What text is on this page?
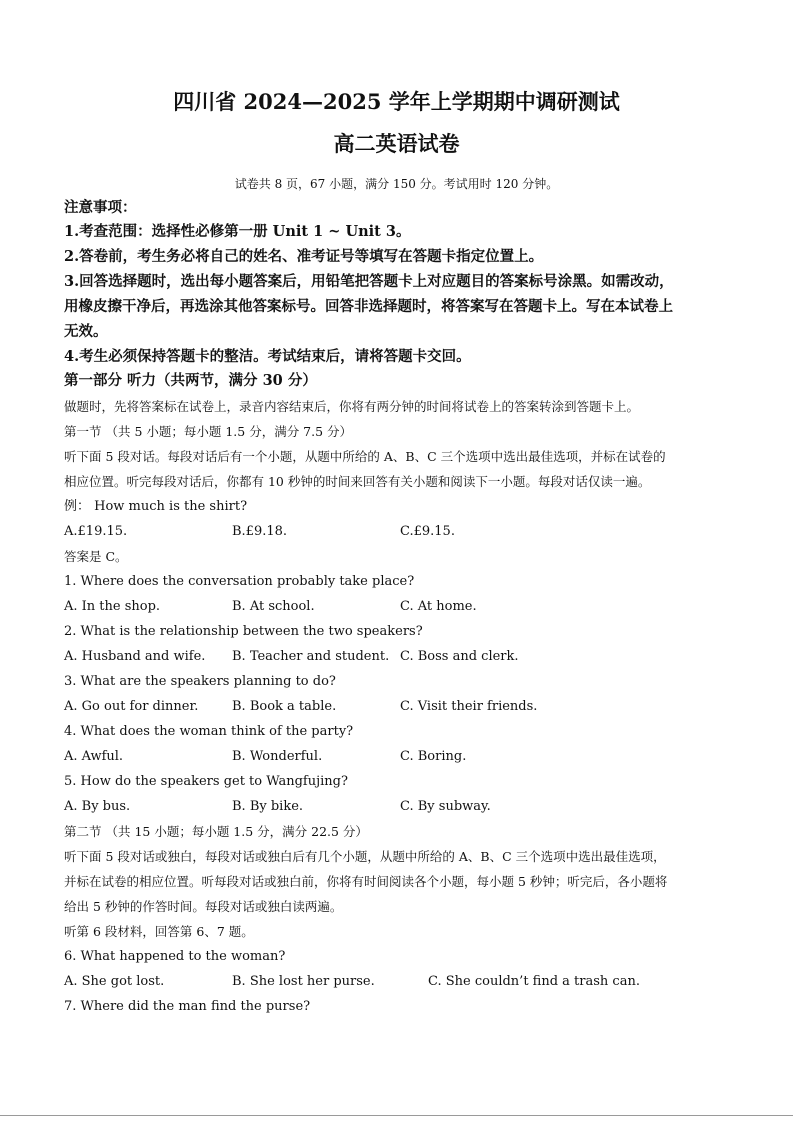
四川省 2024—2025 学年上学期期中调研测试
高二英语试卷
试卷共 8 页，67 小题，满分 150 分。考试用时 120 分钟。
注意事项：
1.考查范围：选择性必修第一册 Unit 1 ~ Unit 3。
2.答卷前，考生务必将自己的姓名、准考证号等填写在答题卡指定位置上。
3.回答选择题时，选出每小题答案后，用铅笔把答题卡上对应题目的答案标号涂黑。如需改动，
用橡皮擦干净后，再选涂其他答案标号。回答非选择题时，将答案写在答题卡上。写在本试卷上
无效。
4.考生必须保持答题卡的整洁。考试结束后，请将答题卡交回。
第一部分 听力（共两节，满分 30 分）
做题时，先将答案标在试卷上，录音内容结束后，你将有两分钟的时间将试卷上的答案转涂到答题卡上。
第一节 （共 5 小题；每小题 1.5 分，满分 7.5 分）
听下面 5 段对话。每段对话后有一个小题，从题中所给的 A、B、C 三个选项中选出最佳选项，并标在试卷的
相应位置。听完每段对话后，你都有 10 秒钟的时间来回答有关小题和阅读下一小题。每段对话仅读一遍。
例： How much is the shirt?
A.£19.15.	B.£9.18.	C.£9.15.
答案是 C。
1. Where does the conversation probably take place?
A. In the shop.	B. At school.	C. At home.
2. What is the relationship between the two speakers?
A. Husband and wife. B. Teacher and student. C. Boss and clerk.
3. What are the speakers planning to do?
A. Go out for dinner.	B. Book a table.	C. Visit their friends.
4. What does the woman think of the party?
A. Awful.	B. Wonderful.	C. Boring.
5. How do the speakers get to Wangfujing?
A. By bus.	B. By bike.	C. By subway.
第二节 （共 15 小题；每小题 1.5 分，满分 22.5 分）
听下面 5 段对话或独白，每段对话或独白后有几个小题，从题中所给的 A、B、C 三个选项中选出最佳选项，
并标在试卷的相应位置。听每段对话或独白前，你将有时间阅读各个小题，每小题 5 秒钟；听完后，各小题将
给出 5 秒钟的作答时间。每段对话或独白读两遍。
听第 6 段材料，回答第 6、7 题。
6. What happened to the woman?
A. She got lost.	B. She lost her purse.	C. She couldn’t find a trash can.
7. Where did the man find the purse?
